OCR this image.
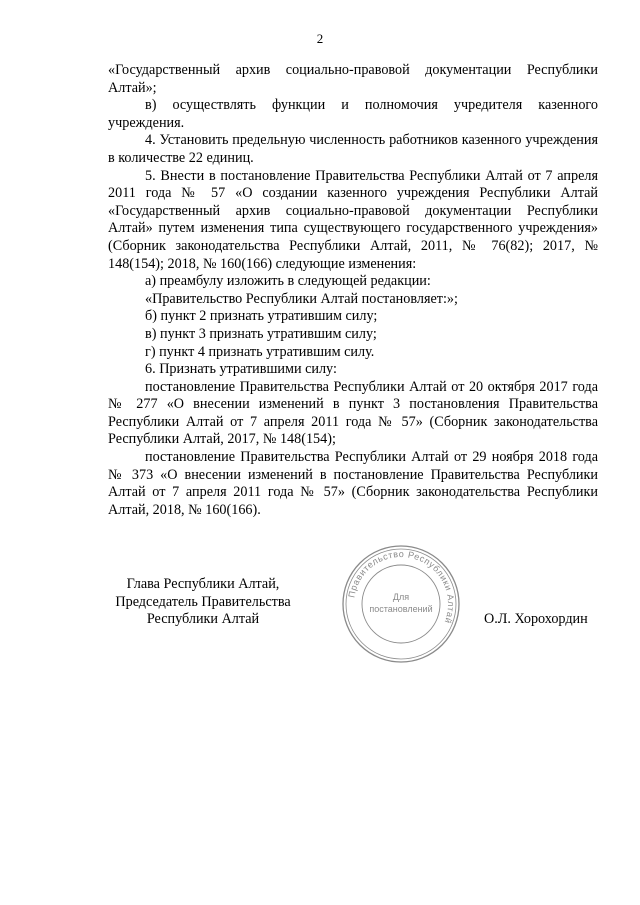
2

«Государственный архив социально-правовой документации Республики Алтай»;

в) осуществлять функции и полномочия учредителя казенного учреждения.

4. Установить предельную численность работников казенного учреждения в количестве 22 единиц.

5. Внести в постановление Правительства Республики Алтай от 7 апреля 2011 года № 57 «О создании казенного учреждения Республики Алтай «Государственный архив социально-правовой документации Республики Алтай» путем изменения типа существующего государственного учреждения» (Сборник законодательства Республики Алтай, 2011, № 76(82); 2017, № 148(154); 2018, № 160(166) следующие изменения:

а) преамбулу изложить в следующей редакции:

«Правительство Республики Алтай постановляет:»;

б) пункт 2 признать утратившим силу;

в) пункт 3 признать утратившим силу;

г) пункт 4 признать утратившим силу.

6. Признать утратившими силу:

постановление Правительства Республики Алтай от 20 октября 2017 года № 277 «О внесении изменений в пункт 3 постановления Правительства Республики Алтай от 7 апреля 2011 года № 57» (Сборник законодательства Республики Алтай, 2017, № 148(154);

постановление Правительства Республики Алтай от 29 ноября 2018 года № 373 «О внесении изменений в постановление Правительства Республики Алтай от 7 апреля 2011 года № 57» (Сборник законодательства Республики Алтай, 2018, № 160(166).

Глава Республики Алтай,
Председатель Правительства
Республики Алтай
Правительство Республики Алтай
Для
постановлений
О.Л. Хорохордин
